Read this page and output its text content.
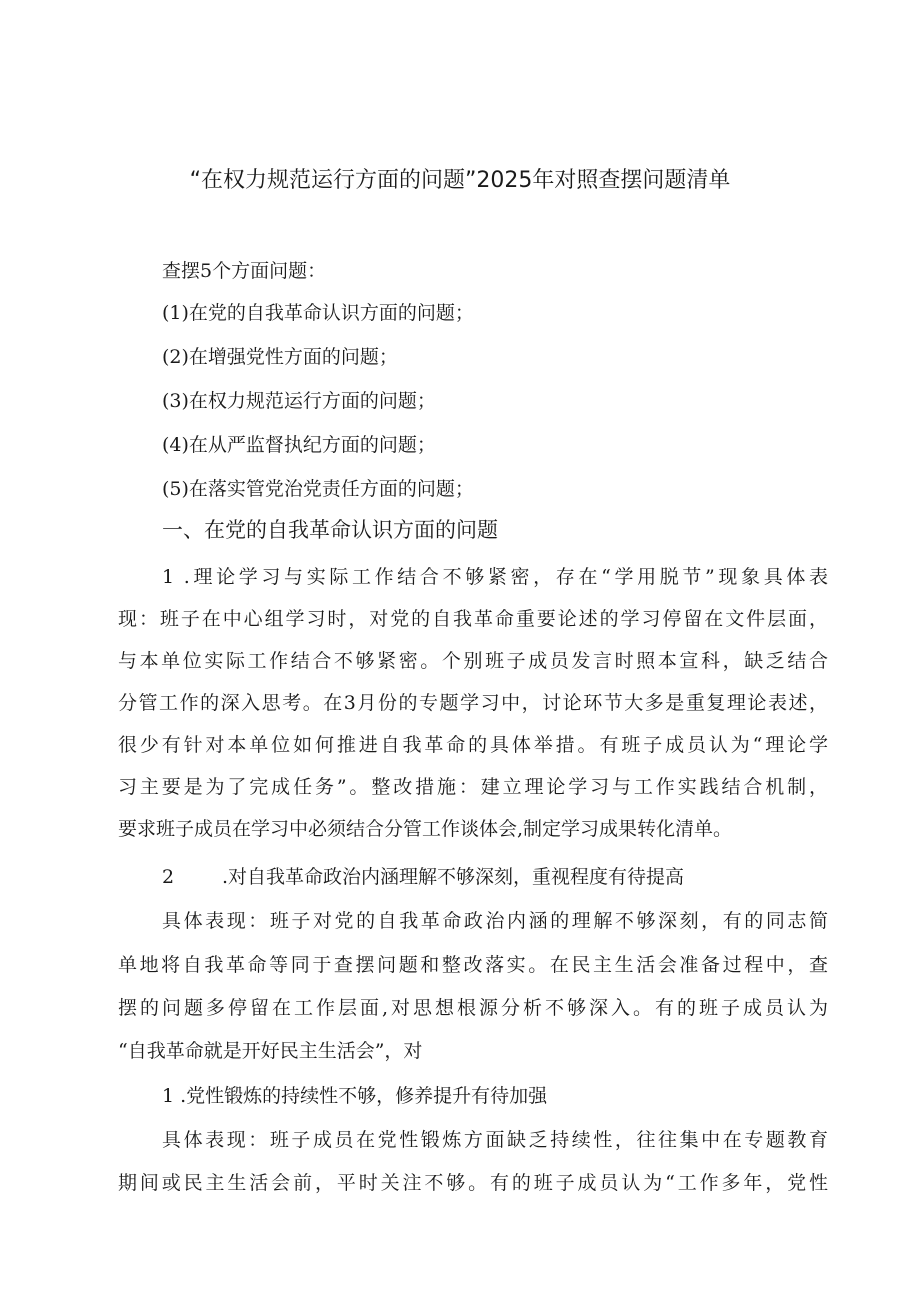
“在权力规范运行方面的问题”2025年对照查摆问题清单
查摆5个方面问题：
(1)在党的自我革命认识方面的问题；
(2)在增强党性方面的问题；
(3)在权力规范运行方面的问题；
(4)在从严监督执纪方面的问题；
(5)在落实管党治党责任方面的问题；
一、在党的自我革命认识方面的问题
1 .理论学习与实际工作结合不够紧密，存在“学用脱节”现象具体表
现：班子在中心组学习时，对党的自我革命重要论述的学习停留在文件层面，
与本单位实际工作结合不够紧密。个别班子成员发言时照本宣科，缺乏结合
分管工作的深入思考。在3月份的专题学习中，讨论环节大多是重复理论表述，
很少有针对本单位如何推进自我革命的具体举措。有班子成员认为“理论学
习主要是为了完成任务”。整改措施：建立理论学习与工作实践结合机制，
要求班子成员在学习中必须结合分管工作谈体会,制定学习成果转化清单。
2	.对自我革命政治内涵理解不够深刻，重视程度有待提高
具体表现：班子对党的自我革命政治内涵的理解不够深刻，有的同志简
单地将自我革命等同于查摆问题和整改落实。在民主生活会准备过程中，查
摆的问题多停留在工作层面,对思想根源分析不够深入。有的班子成员认为
“自我革命就是开好民主生活会”，对
1 .党性锻炼的持续性不够，修养提升有待加强
具体表现：班子成员在党性锻炼方面缺乏持续性，往往集中在专题教育
期间或民主生活会前，平时关注不够。有的班子成员认为“工作多年，党性
